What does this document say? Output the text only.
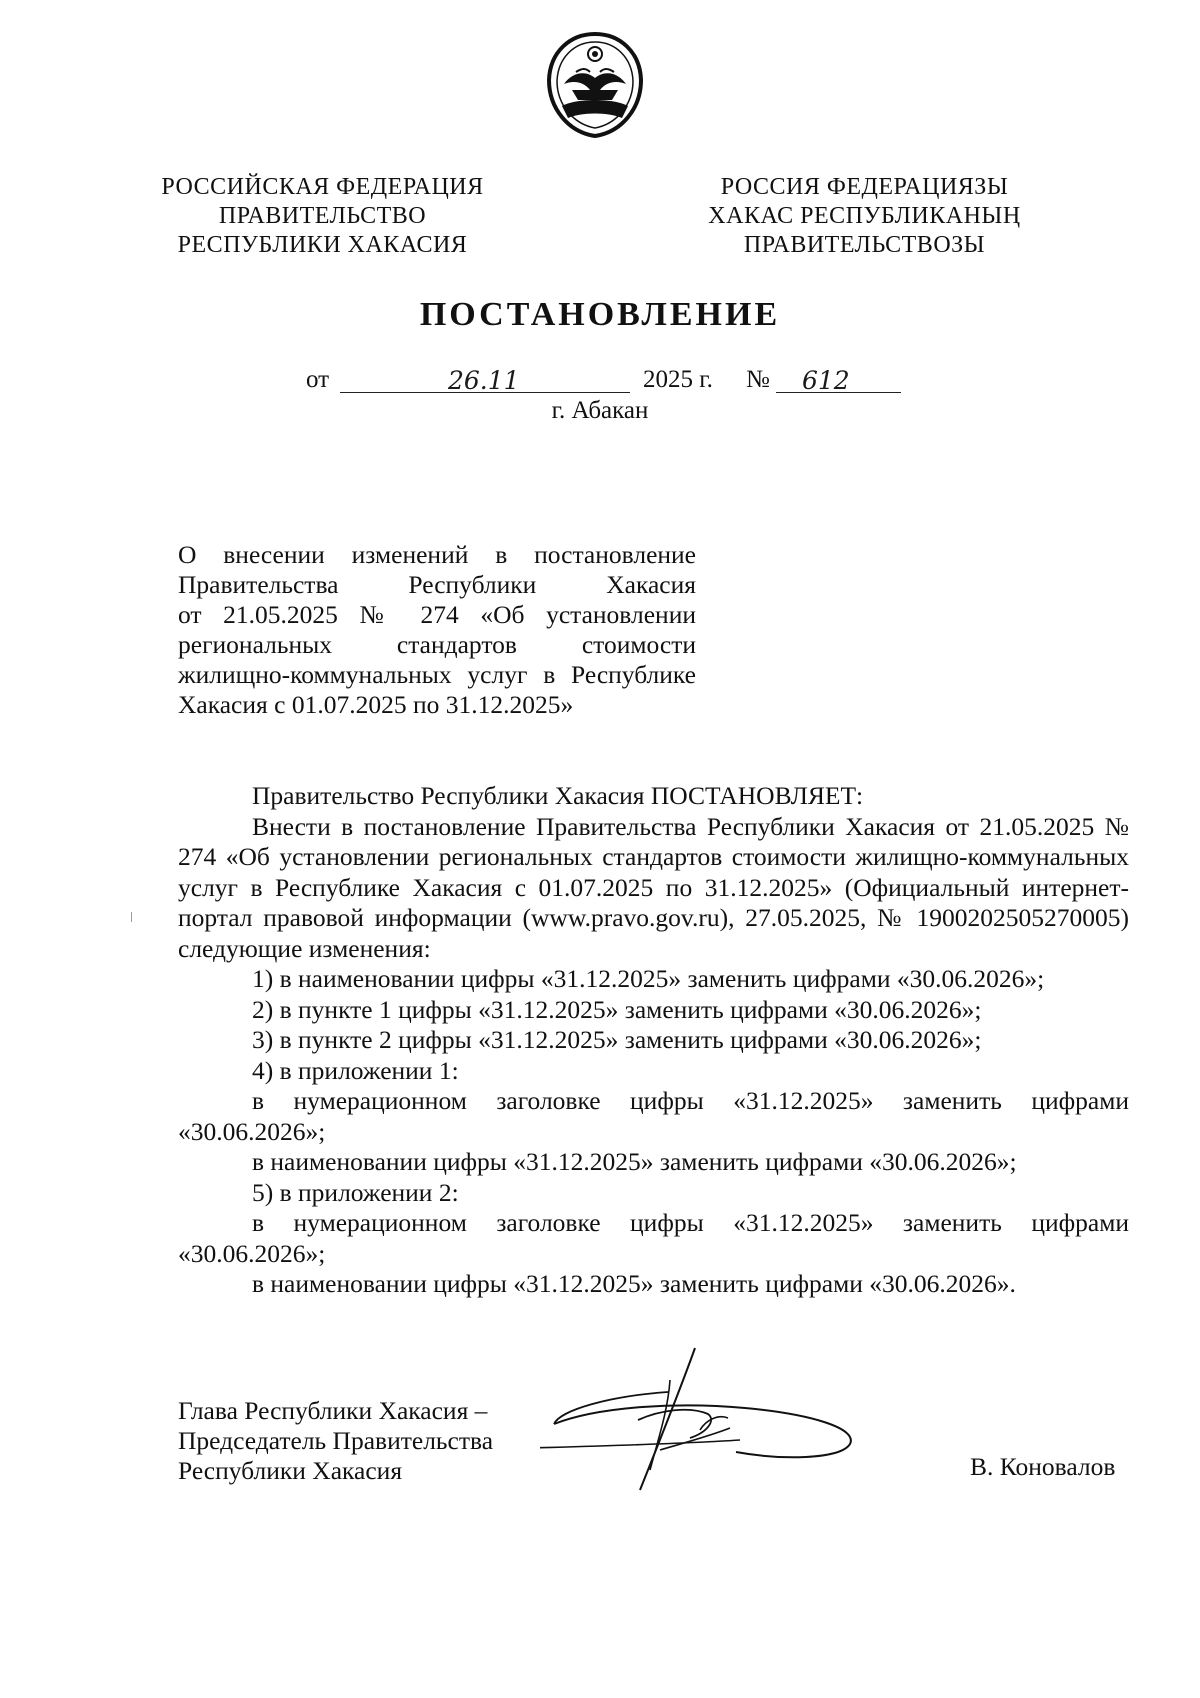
РОССИЙСКАЯ ФЕДЕРАЦИЯ
ПРАВИТЕЛЬСТВО
РЕСПУБЛИКИ ХАКАСИЯ
РОССИЯ ФЕДЕРАЦИЯЗЫ
ХАКАС РЕСПУБЛИКАНЫҢ
ПРАВИТЕЛЬСТВОЗЫ
ПОСТАНОВЛЕНИЕ
от	26.11	2025 г. № 612
г. Абакан
О внесении изменений в постановление
Правительства Республики Хакасия
от 21.05.2025 № 274 «Об установлении
региональных стандартов стоимости
жилищно-коммунальных услуг в Республике
Хакасия с 01.07.2025 по 31.12.2025»

Правительство Республики Хакасия ПОСТАНОВЛЯЕТ:

Внести в постановление Правительства Республики Хакасия от 21.05.2025 № 274 «Об установлении региональных стандартов стоимости жилищно-коммунальных услуг в Республике Хакасия с 01.07.2025 по 31.12.2025» (Официальный интернет-портал правовой информации (www.pravo.gov.ru), 27.05.2025, № 1900202505270005) следующие изменения:

1) в наименовании цифры «31.12.2025» заменить цифрами «30.06.2026»;

2) в пункте 1 цифры «31.12.2025» заменить цифрами «30.06.2026»;

3) в пункте 2 цифры «31.12.2025» заменить цифрами «30.06.2026»;

4) в приложении 1:

в нумерационном заголовке цифры «31.12.2025» заменить цифрами «30.06.2026»;

в наименовании цифры «31.12.2025» заменить цифрами «30.06.2026»;

5) в приложении 2:

в нумерационном заголовке цифры «31.12.2025» заменить цифрами «30.06.2026»;

в наименовании цифры «31.12.2025» заменить цифрами «30.06.2026».

Глава Республики Хакасия –
Председатель Правительства
Республики Хакасия	В. Коновалов
